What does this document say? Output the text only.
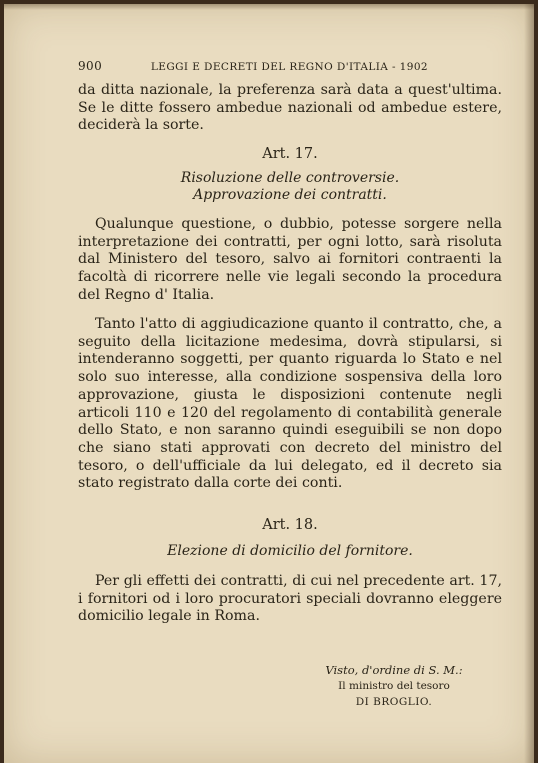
900	LEGGI E DECRETI DEL REGNO D'ITALIA - 1902
da ditta nazionale, la preferenza sarà data a quest'ultima. Se le ditte fossero ambedue nazionali od ambedue estere, deciderà la sorte.
Art. 17.
Risoluzione delle controversie.
Approvazione dei contratti.
Qualunque questione, o dubbio, potesse sorgere nella interpretazione dei contratti, per ogni lotto, sarà risoluta dal Ministero del tesoro, salvo ai fornitori contraenti la facoltà di ricorrere nelle vie legali secondo la procedura del Regno d' Italia.
Tanto l'atto di aggiudicazione quanto il contratto, che, a seguito della licitazione medesima, dovrà stipularsi, si intenderanno soggetti, per quanto riguarda lo Stato e nel solo suo interesse, alla condizione sospensiva della loro approvazione, giusta le disposizioni contenute negli articoli 110 e 120 del regolamento di contabilità generale dello Stato, e non saranno quindi eseguibili se non dopo che siano stati approvati con decreto del ministro del tesoro, o dell'ufficiale da lui delegato, ed il decreto sia stato registrato dalla corte dei conti.
Art. 18.
Elezione di domicilio del fornitore.
Per gli effetti dei contratti, di cui nel precedente art. 17, i fornitori od i loro procuratori speciali dovranno eleggere domicilio legale in Roma.
Visto, d'ordine di S. M.:
Il ministro del tesoro
DI BROGLIO.
